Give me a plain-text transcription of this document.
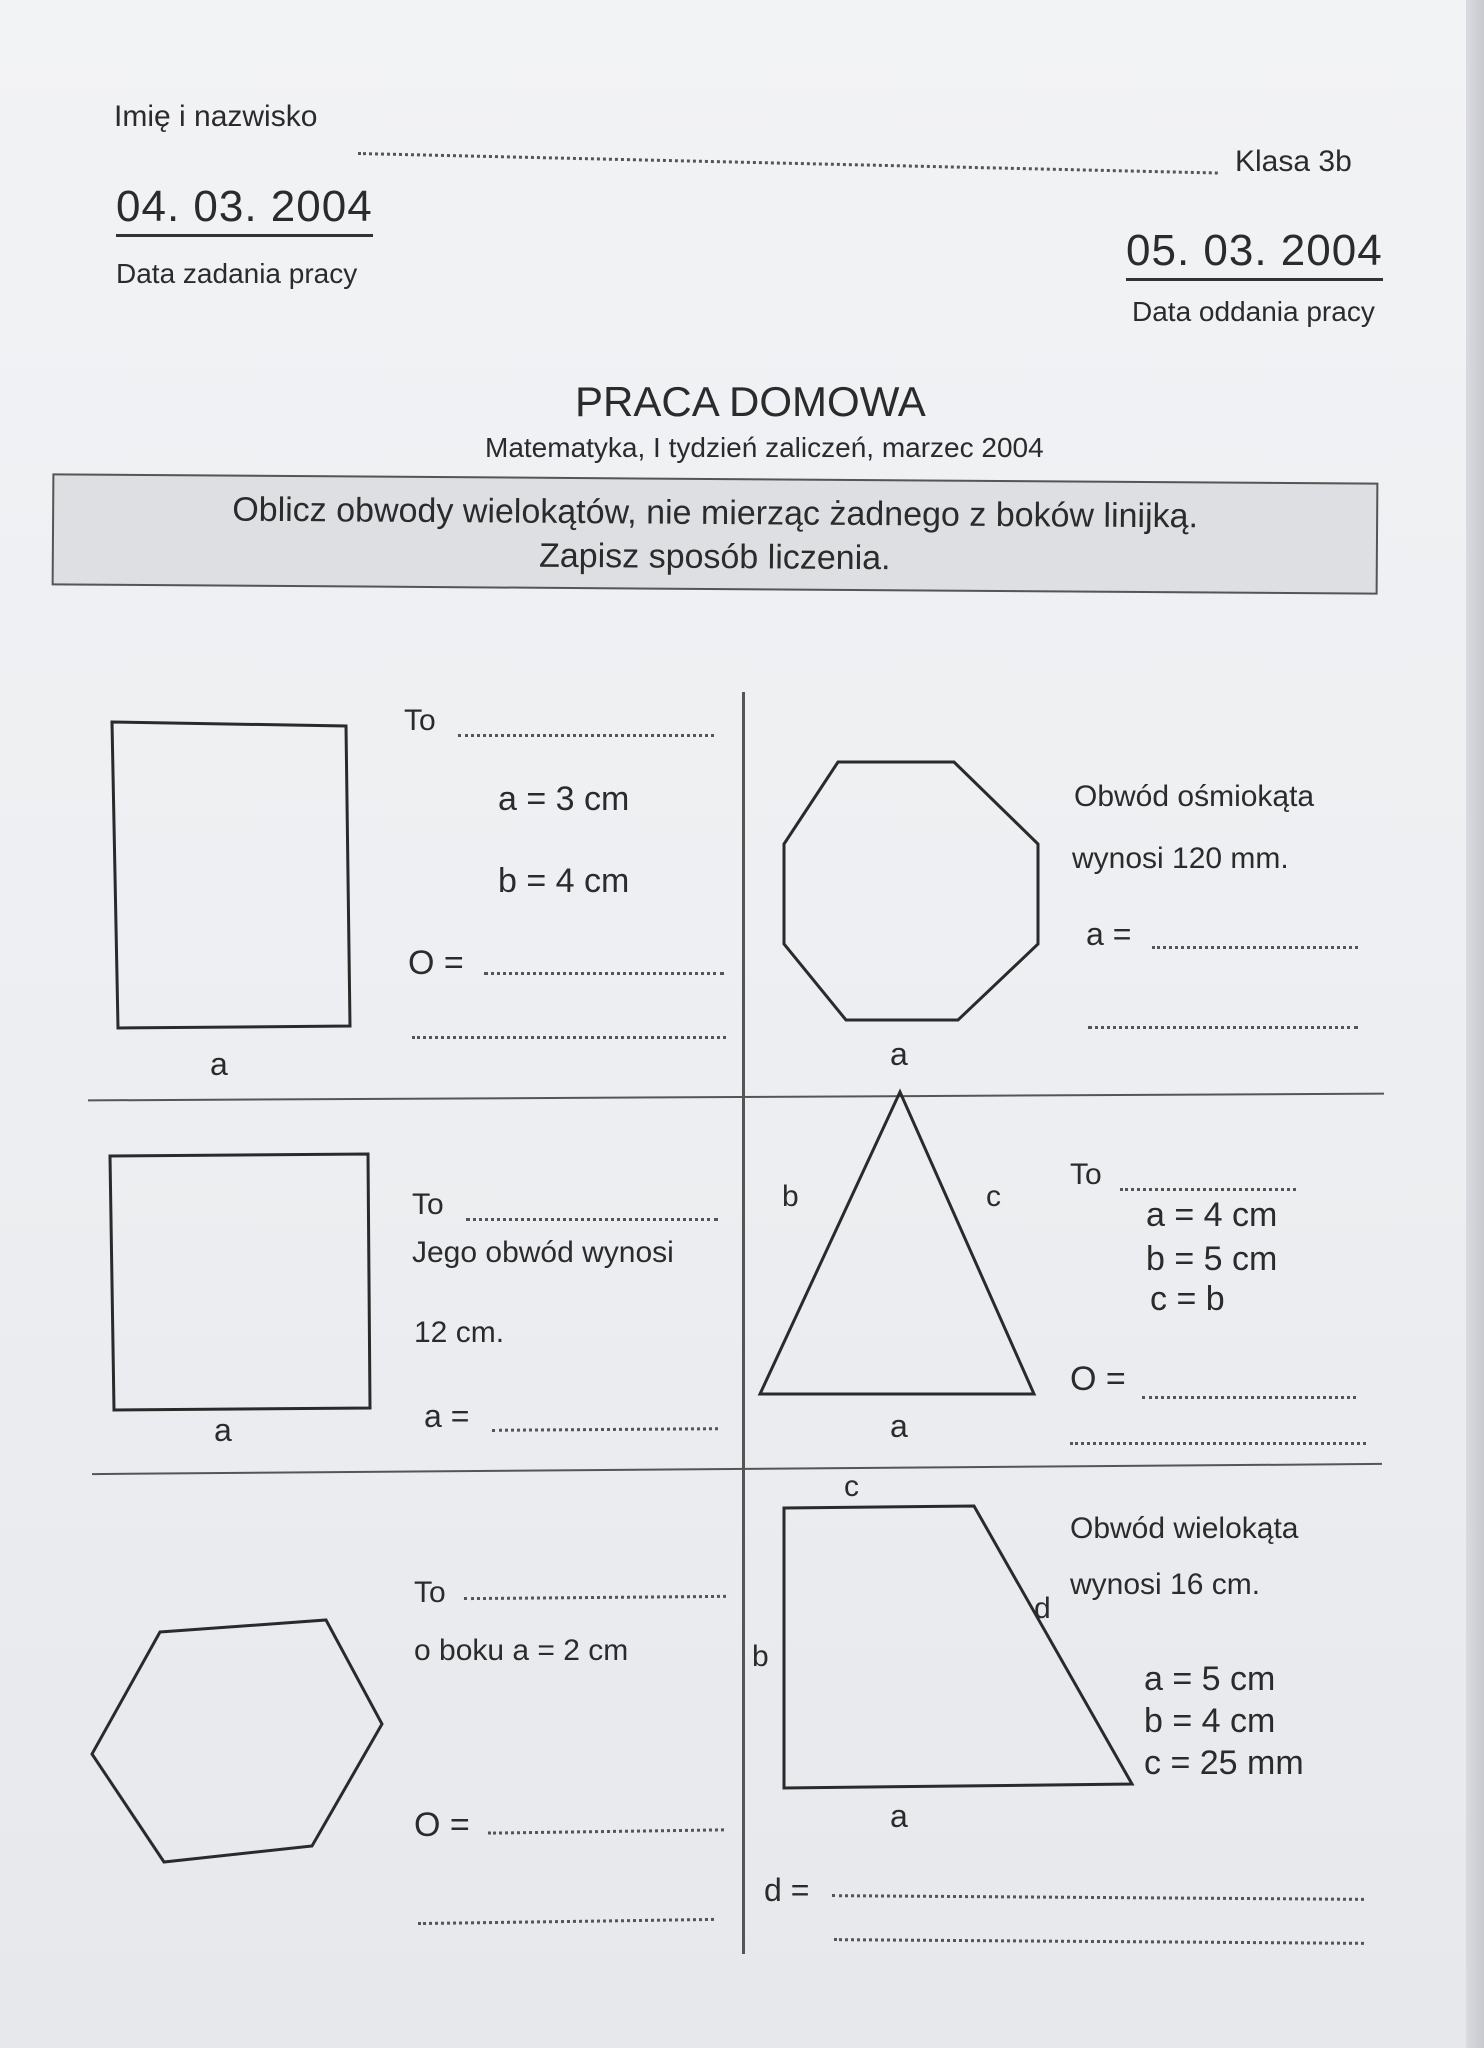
Imię i nazwisko
Klasa 3b
04. 03. 2004
Data zadania pracy	05. 03. 2004
Data oddania pracy
PRACA DOMOWA
Matematyka, I tydzień zaliczeń, marzec 2004
Oblicz obwody wielokątów, nie mierząc żadnego z boków linijką.
Zapisz sposób liczenia.
To
a = 3 cm
b = 4 cm
O =
a
Obwód ośmiokąta
wynosi 120 mm.
a =
a
To
Jego obwód wynosi
12 cm.
a =
a
b	c
a
To
a = 4 cm
b = 5 cm
c = b
O =
To
o boku a = 2 cm
O =
c
b
d
a
Obwód wielokąta
wynosi 16 cm.
a = 5 cm
b = 4 cm
c = 25 mm
d =
